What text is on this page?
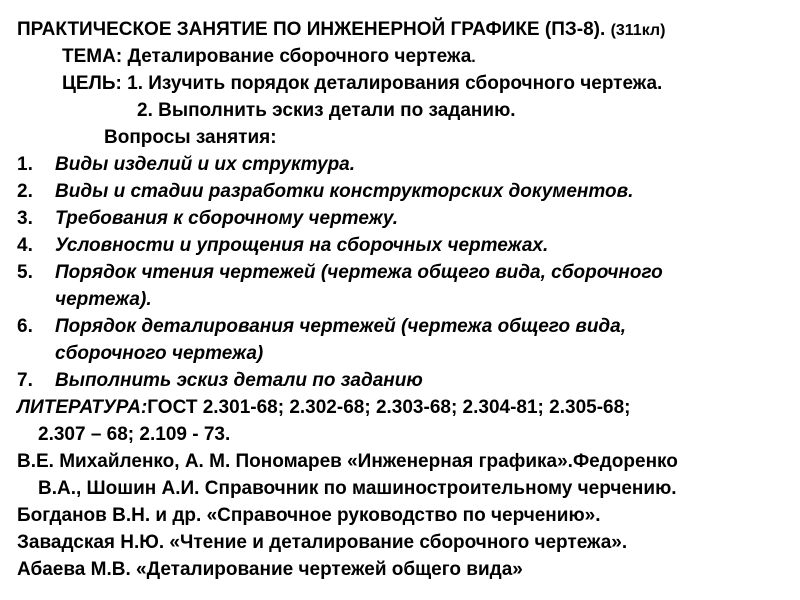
ПРАКТИЧЕСКОЕ ЗАНЯТИЕ ПО ИНЖЕНЕРНОЙ ГРАФИКЕ (ПЗ-8). (311кл)
ТЕМА: Деталирование сборочного чертежа.
ЦЕЛЬ: 1. Изучить порядок деталирования сборочного чертежа.
2. Выполнить эскиз детали по заданию.
Вопросы занятия:
1. Виды изделий и их структура.
2. Виды и стадии разработки конструкторских документов.
3. Требования к сборочному чертежу.
4. Условности и упрощения на сборочных чертежах.
5. Порядок чтения чертежей (чертежа общего вида, сборочного
чертежа).
6. Порядок деталирования чертежей (чертежа общего вида,
сборочного чертежа)
7. Выполнить эскиз детали по заданию
ЛИТЕРАТУРА:ГОСТ 2.301-68; 2.302-68; 2.303-68; 2.304-81; 2.305-68;
2.307 – 68; 2.109 - 73.
В.Е. Михайленко, А. М. Пономарев «Инженерная графика».Федоренко
В.А., Шошин А.И. Справочник по машиностроительному черчению.
Богданов В.Н. и др. «Справочное руководство по черчению».
Завадская Н.Ю. «Чтение и деталирование сборочного чертежа».
Абаева М.В. «Деталирование чертежей общего вида»
